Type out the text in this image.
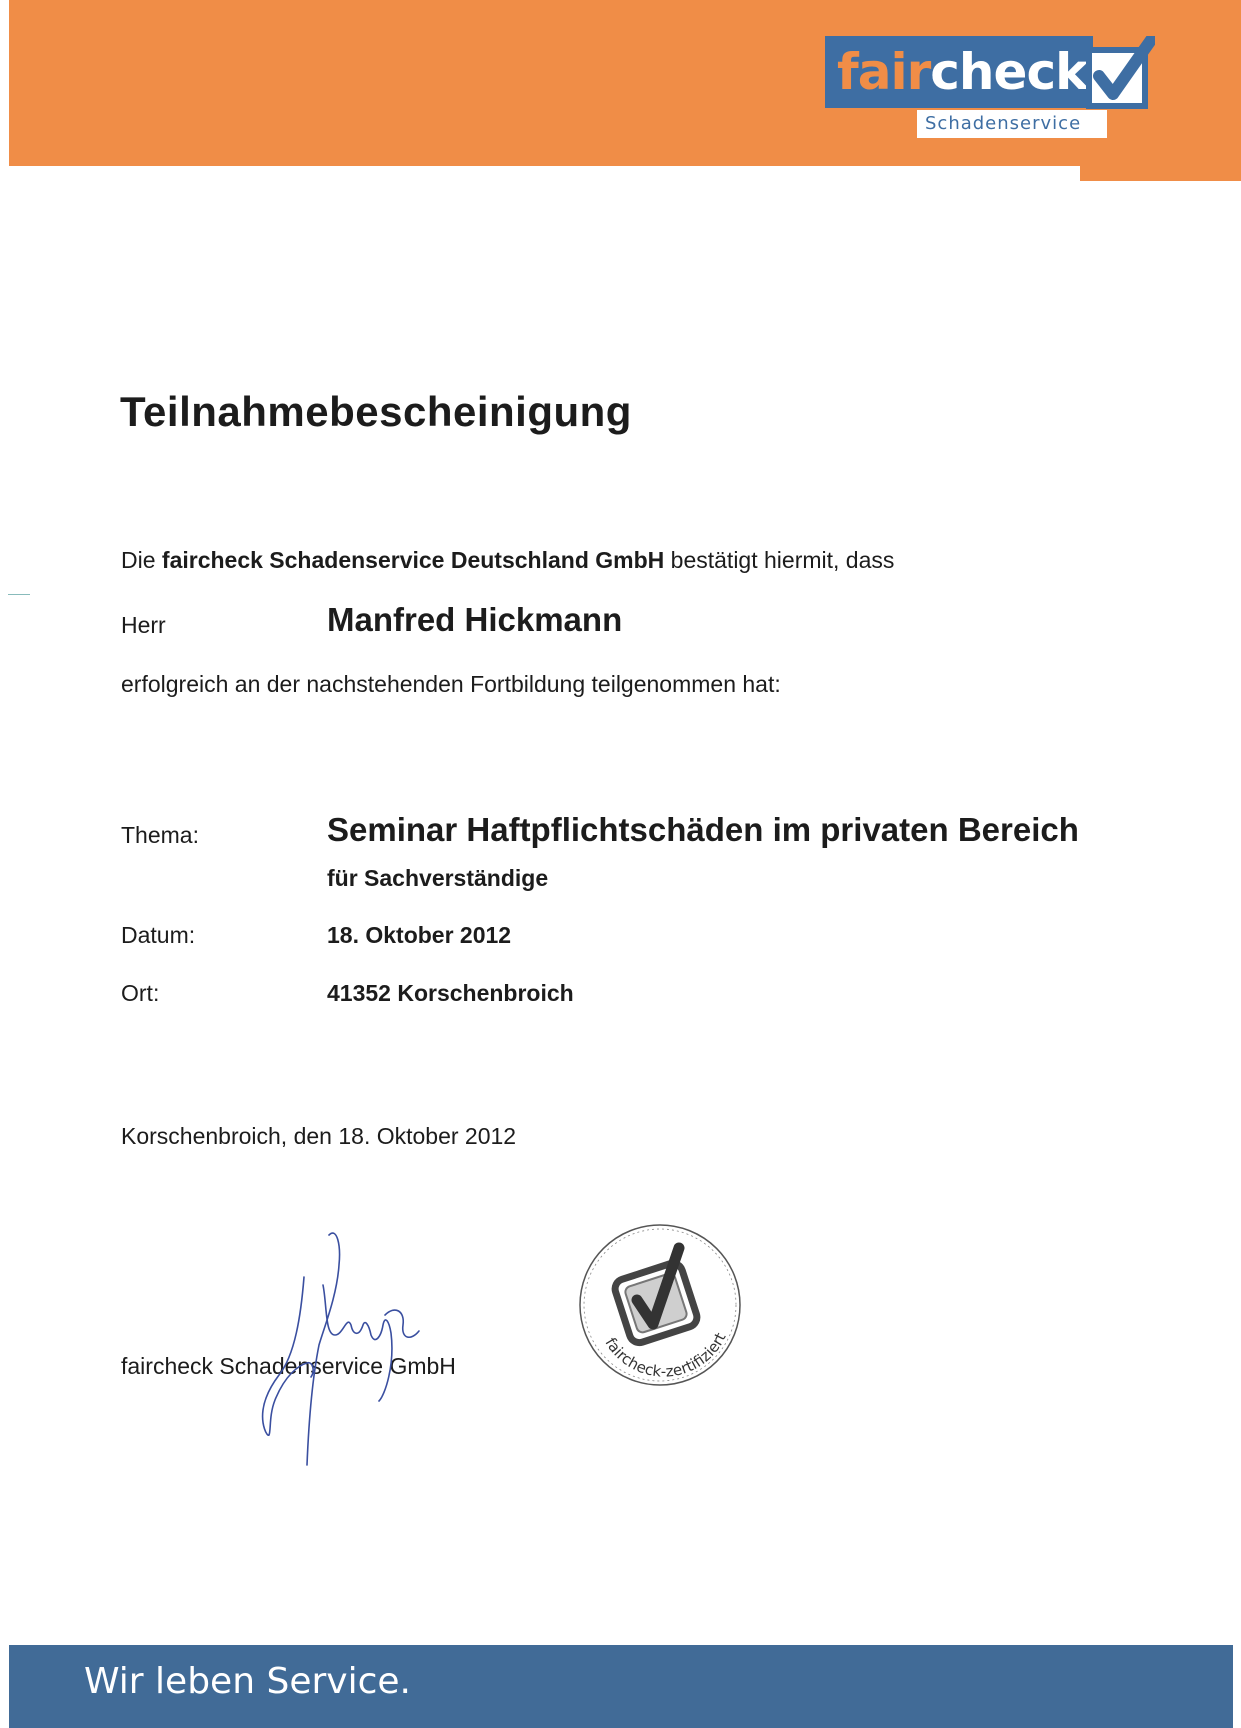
faircheck
Schadenservice
Teilnahmebescheinigung
Die faircheck Schadenservice Deutschland GmbH bestätigt hiermit, dass
Herr	Manfred Hickmann
erfolgreich an der nachstehenden Fortbildung teilgenommen hat:
Thema:	Seminar Haftpflichtschäden im privaten Bereich
für Sachverständige
Datum:	18. Oktober 2012
Ort:	41352 Korschenbroich
Korschenbroich, den 18. Oktober 2012
faircheck Schadenservice GmbH
faircheck-zertifiziert
Wir leben Service.
